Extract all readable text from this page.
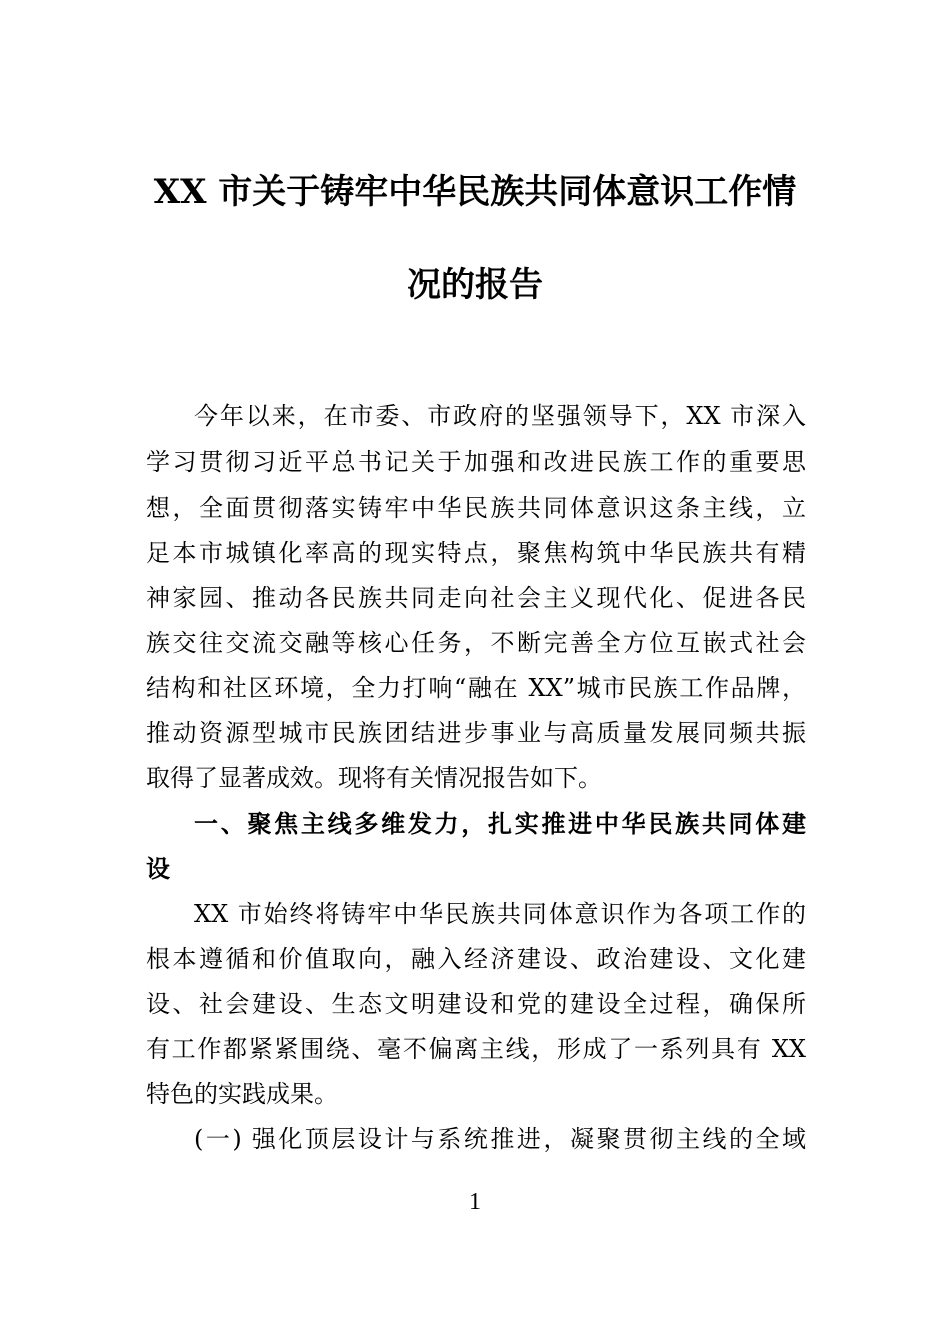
XX 市关于铸牢中华民族共同体意识工作情
况的报告

今年以来，在市委、市政府的坚强领导下，XX 市深入

学习贯彻习近平总书记关于加强和改进民族工作的重要思

想，全面贯彻落实铸牢中华民族共同体意识这条主线，立

足本市城镇化率高的现实特点，聚焦构筑中华民族共有精

神家园、推动各民族共同走向社会主义现代化、促进各民

族交往交流交融等核心任务，不断完善全方位互嵌式社会

结构和社区环境，全力打响“融在 XX”城市民族工作品牌，

推动资源型城市民族团结进步事业与高质量发展同频共振

取得了显著成效。现将有关情况报告如下。

一、聚焦主线多维发力，扎实推进中华民族共同体建

设

XX 市始终将铸牢中华民族共同体意识作为各项工作的

根本遵循和价值取向，融入经济建设、政治建设、文化建

设、社会建设、生态文明建设和党的建设全过程，确保所

有工作都紧紧围绕、毫不偏离主线，形成了一系列具有 XX

特色的实践成果。

(一) 强化顶层设计与系统推进，凝聚贯彻主线的全域

1
